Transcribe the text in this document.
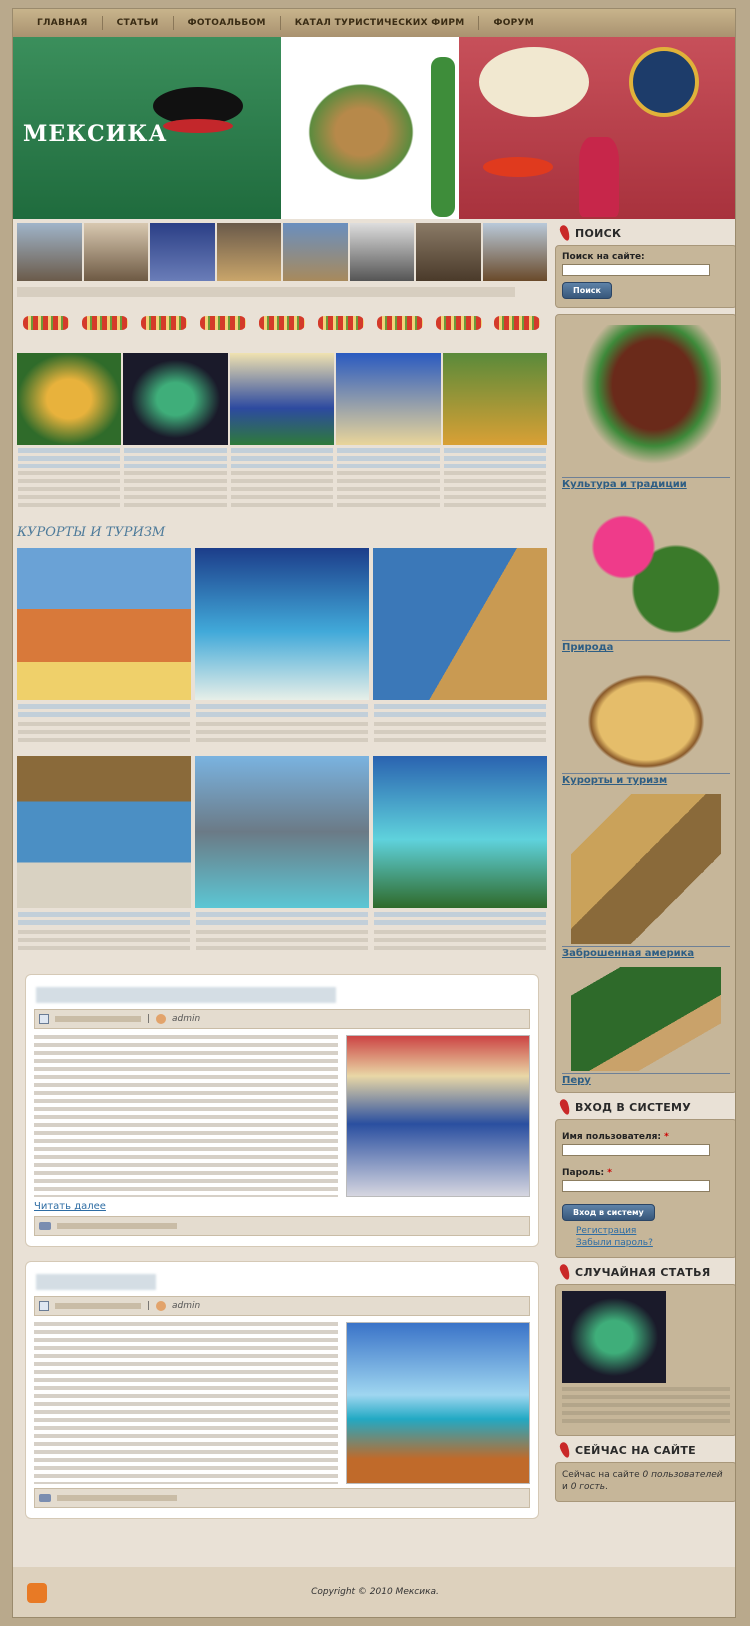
ГЛАВНАЯ	СТАТЬИ	ФОТОАЛЬБОМ	КАТАЛ ТУРИСТИЧЕСКИХ ФИРМ	ФОРУМ
МЕКСИКА
КУРОРТЫ И ТУРИЗМ
| admin
Читать далее
| admin
ПОИСК
Поиск на сайте:
Поиск
Культура и традиции
Природа
Курорты и туризм
Заброшенная америка
Перу
ВХОД В СИСТЕМУ
Имя пользователя: *
Пароль: *
Вход в систему
Регистрация
Забыли пароль?
СЛУЧАЙНАЯ СТАТЬЯ
СЕЙЧАС НА САЙТЕ
Сейчас на сайте 0 пользователей и 0 гость.
Copyright © 2010 Мексика.
